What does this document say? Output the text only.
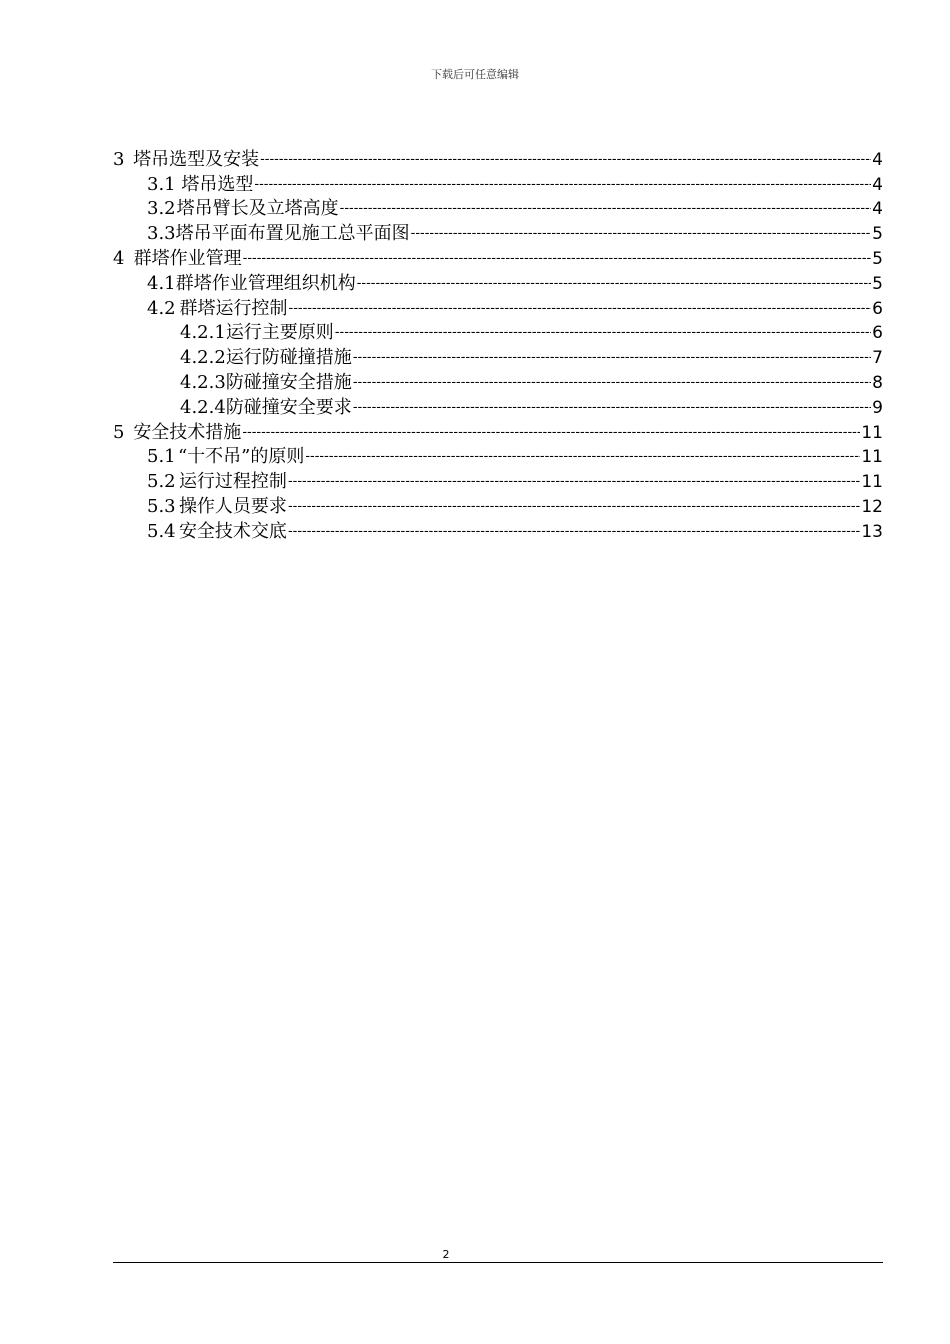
下载后可任意编辑
3 塔吊选型及安装 -----	4
3.1 塔吊选型 -----	4
3.2 塔吊臂长及立塔高度 -----	4
3.3 塔吊平面布置见施工总平面图 -----	5
4 群塔作业管理 -----	5
4.1 群塔作业管理组织机构 -----	5
4.2 群塔运行控制 -----	6
4.2.1 运行主要原则 -----	6
4.2.2 运行防碰撞措施 -----	7
4.2.3 防碰撞安全措施 -----	8
4.2.4 防碰撞安全要求 -----	9
5 安全技术措施 -----	11
5.1 “十不吊”的原则 -----	11
5.2 运行过程控制 -----	11
5.3 操作人员要求 -----	12
5.4 安全技术交底 -----	13
2
